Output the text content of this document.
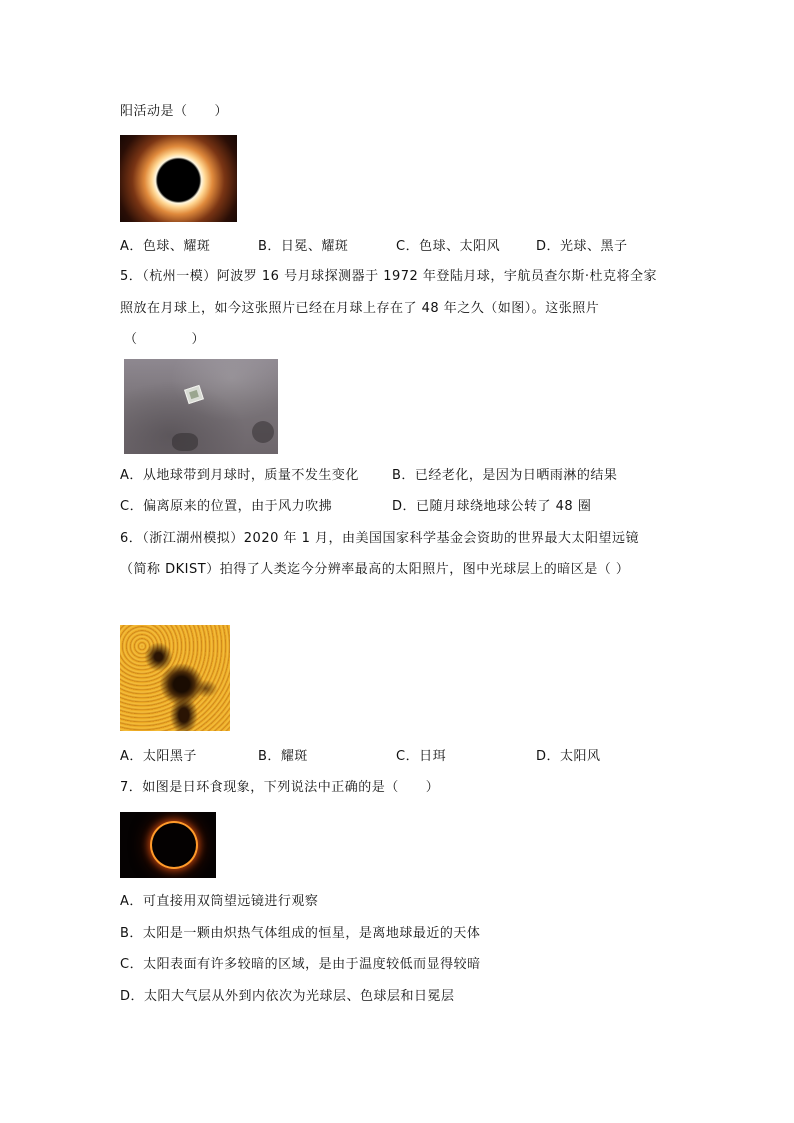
阳活动是（　　）
A．色球、耀斑	B．日冕、耀斑	C．色球、太阳风	D．光球、黑子
5．（杭州一模）阿波罗 16 号月球探测器于 1972 年登陆月球，宇航员查尔斯·杜克将全家
照放在月球上，如今这张照片已经在月球上存在了 48 年之久（如图）。这张照片
（　　　　）
A．从地球带到月球时，质量不发生变化	B．已经老化，是因为日晒雨淋的结果
C．偏离原来的位置，由于风力吹拂	D．已随月球绕地球公转了 48 圈
6．（浙江湖州模拟）2020 年 1 月，由美国国家科学基金会资助的世界最大太阳望远镜
（简称 DKIST）拍得了人类迄今分辨率最高的太阳照片，图中光球层上的暗区是（ ）
A．太阳黑子	B．耀斑	C．日珥	D．太阳风
7．如图是日环食现象，下列说法中正确的是（　　）
A．可直接用双筒望远镜进行观察
B．太阳是一颗由炽热气体组成的恒星，是离地球最近的天体
C．太阳表面有许多较暗的区域，是由于温度较低而显得较暗
D．太阳大气层从外到内依次为光球层、色球层和日冕层
